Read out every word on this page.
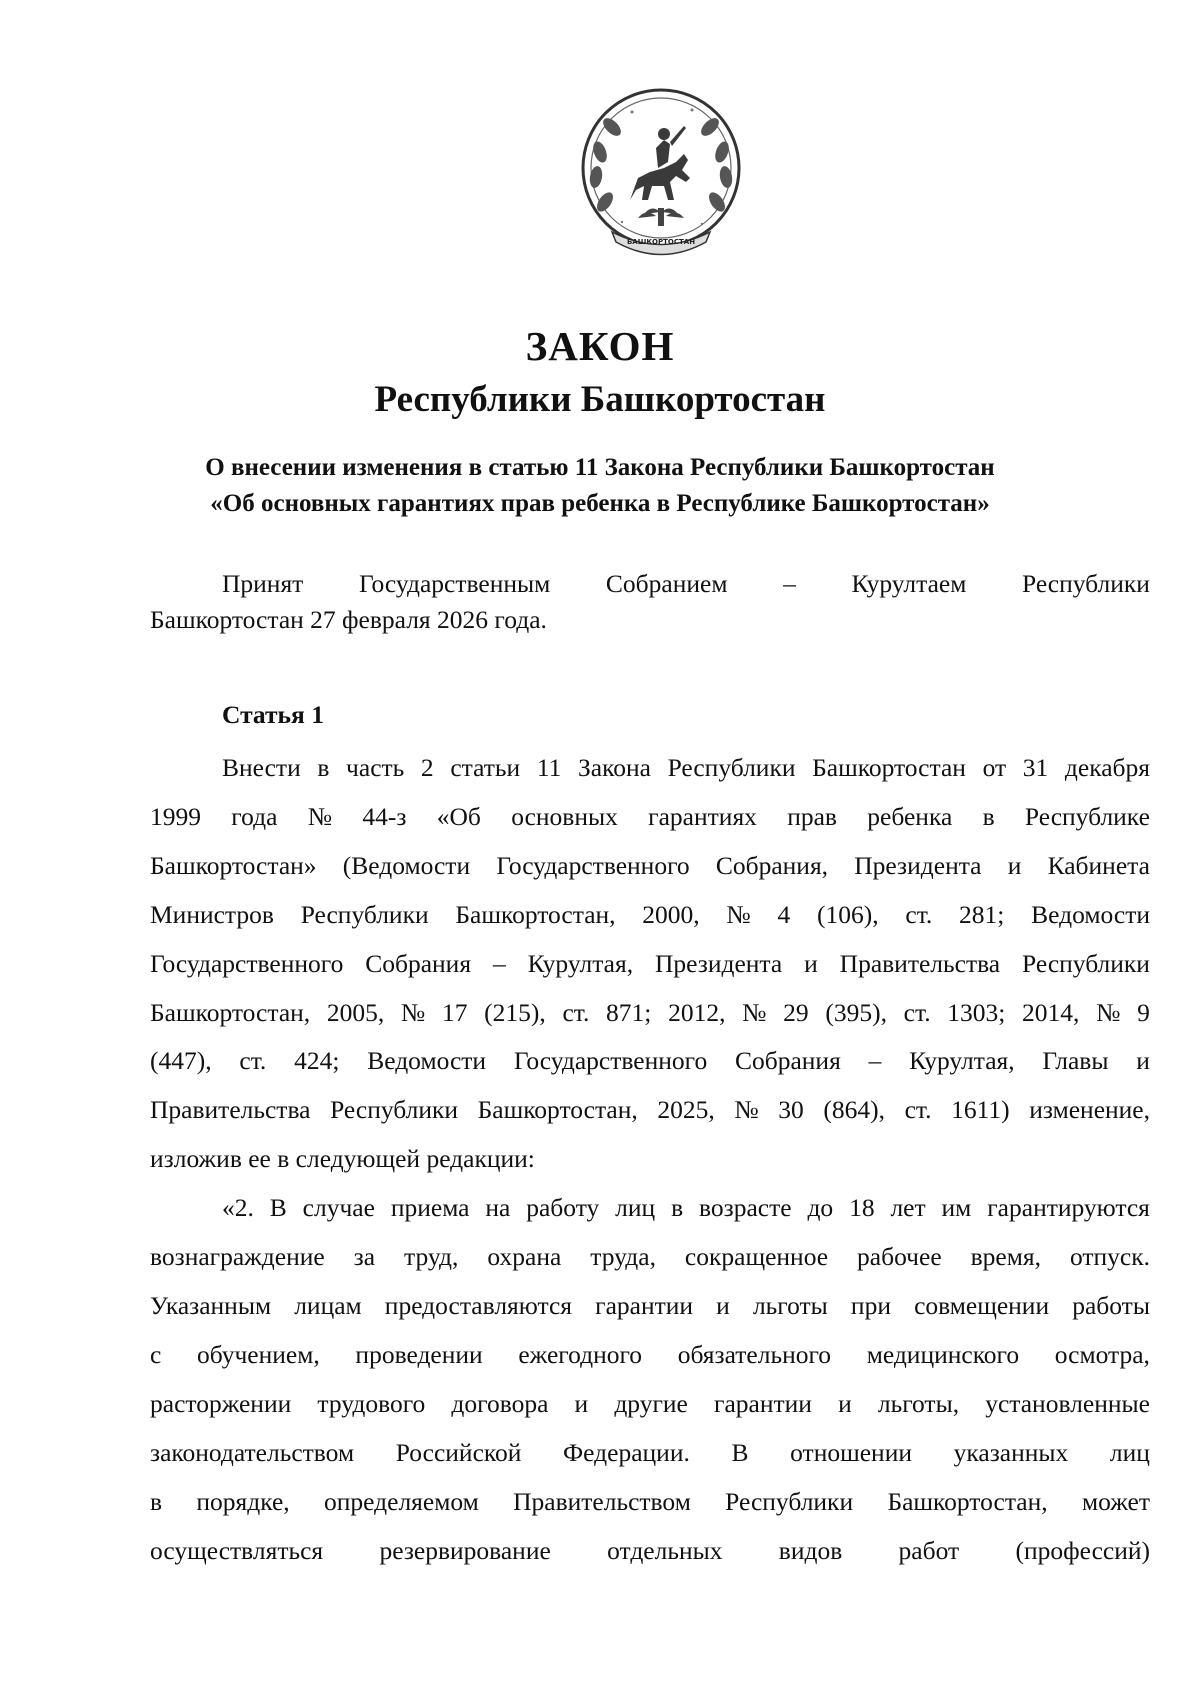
БАШКОРТОСТАН
ЗАКОН
Республики Башкортостан
О внесении изменения в статью 11 Закона Республики Башкортостан
«Об основных гарантиях прав ребенка в Республике Башкортостан»
Принят Государственным Собранием – Курултаем Республики
Башкортостан 27 февраля 2026 года.
Статья 1
Внести в часть 2 статьи 11 Закона Республики Башкортостан от 31 декабря
1999 года № 44-з «Об основных гарантиях прав ребенка в Республике
Башкортостан» (Ведомости Государственного Собрания, Президента и Кабинета
Министров Республики Башкортостан, 2000, № 4 (106), ст. 281; Ведомости
Государственного Собрания – Курултая, Президента и Правительства Республики
Башкортостан, 2005, № 17 (215), ст. 871; 2012, № 29 (395), ст. 1303; 2014, № 9
(447), ст. 424; Ведомости Государственного Собрания – Курултая, Главы и
Правительства Республики Башкортостан, 2025, № 30 (864), ст. 1611) изменение,
изложив ее в следующей редакции:
«2. В случае приема на работу лиц в возрасте до 18 лет им гарантируются
вознаграждение за труд, охрана труда, сокращенное рабочее время, отпуск.
Указанным лицам предоставляются гарантии и льготы при совмещении работы
с обучением, проведении ежегодного обязательного медицинского осмотра,
расторжении трудового договора и другие гарантии и льготы, установленные
законодательством Российской Федерации. В отношении указанных лиц
в порядке, определяемом Правительством Республики Башкортостан, может
осуществляться резервирование отдельных видов работ (профессий)
